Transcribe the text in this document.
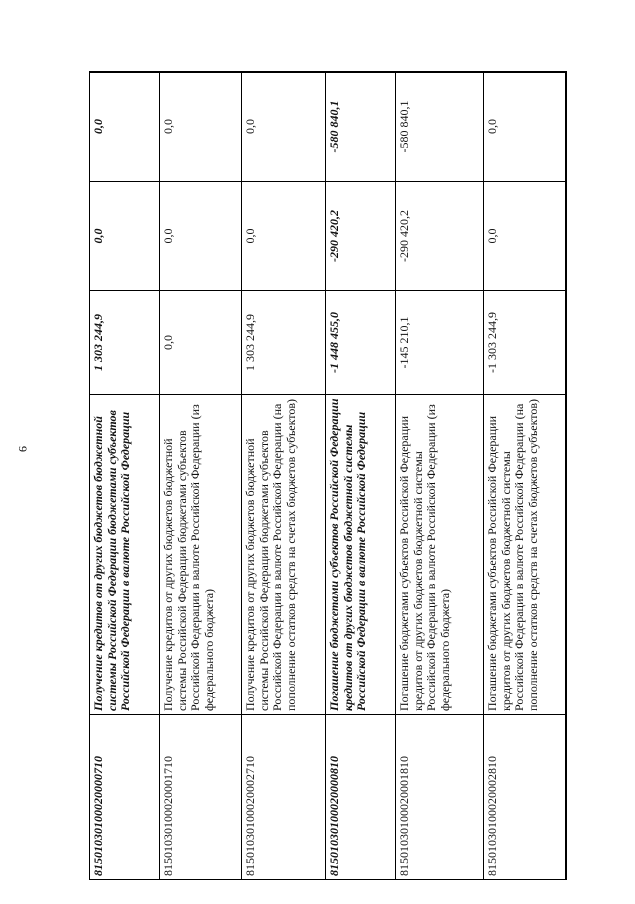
9
81501030100020000710	Получение кредитов от других бюджетов бюджетной системы Российской Федерации бюджетами субъектов Российской Федерации в валюте Российской Федерации	1 303 244,9	0,0	0,0
81501030100020001710	Получение кредитов от других бюджетов бюджетной системы Российской Федерации бюджетами субъектов Российской Федерации в валюте Российской Федерации (из федерального бюджета)	0,0	0,0	0,0
81501030100020002710	Получение кредитов от других бюджетов бюджетной системы Российской Федерации бюджетами субъектов Российской Федерации в валюте Российской Федерации (на пополнение остатков средств на счетах бюджетов субъектов)	1 303 244,9	0,0	0,0
81501030100020000810	Погашение бюджетами субъектов Российской Федерации кредитов от других бюджетов бюджетной системы Российской Федерации в валюте Российской Федерации	-1 448 455,0	-290 420,2	-580 840,1
81501030100020001810	Погашение бюджетами субъектов Российской Федерации кредитов от других бюджетов бюджетной системы Российской Федерации в валюте Российской Федерации (из федерального бюджета)	-145 210,1	-290 420,2	-580 840,1
81501030100020002810	Погашение бюджетами субъектов Российской Федерации кредитов от других бюджетов бюджетной системы Российской Федерации в валюте Российской Федерации (на пополнение остатков средств на счетах бюджетов субъектов)	-1 303 244,9	0,0	0,0
